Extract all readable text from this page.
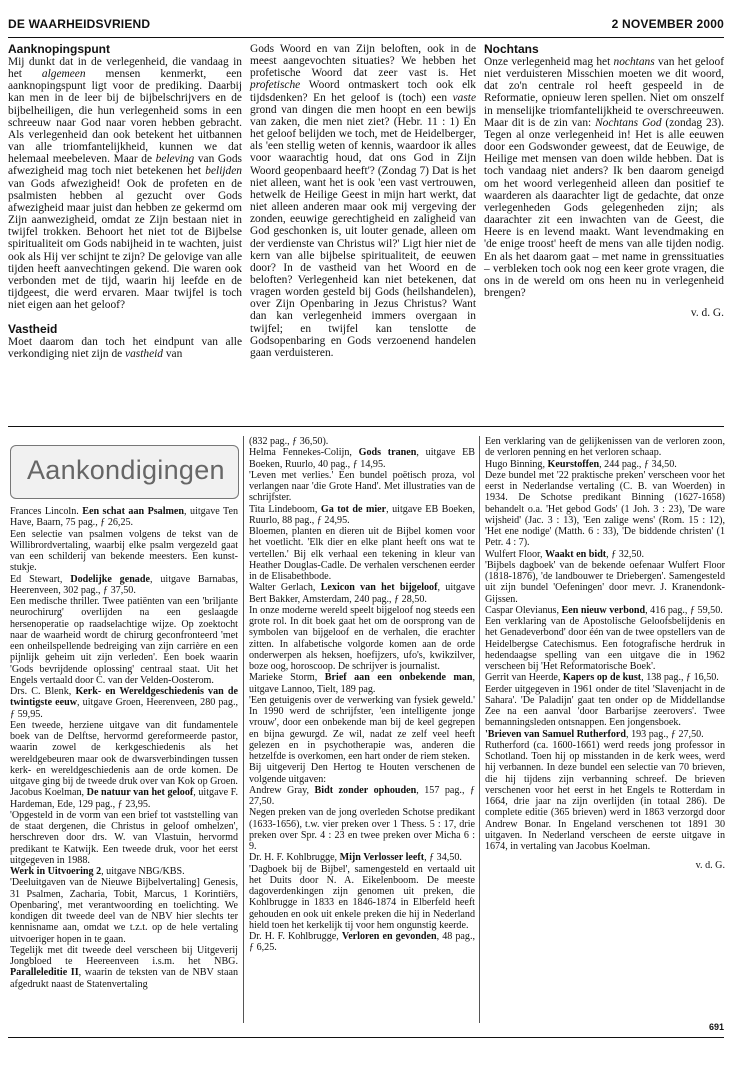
DE WAARHEIDSVRIEND	2 NOVEMBER 2000
Aanknopingspunt

Mij dunkt dat in de verlegenheid, die vandaag in het algemeen mensen kenmerkt, een aanknopingspunt ligt voor de prediking. Daarbij kan men in de leer bij de bijbelschrijvers en de bijbelheiligen, die hun verlegenheid soms in een schreeuw naar God naar voren hebben gebracht. Als verlegenheid dan ook betekent het uitbannen van alle triomfantelijkheid, kunnen we dat helemaal meebeleven. Maar de beleving van Gods afwezigheid mag toch niet betekenen het belijden van Gods afwezigheid! Ook de profeten en de psalmisten hebben al gezucht over Gods afwezigheid maar juist dan hebben ze gekermd om Zijn aanwezigheid, omdat ze Zijn bestaan niet in twijfel trokken. Behoort het niet tot de Bijbelse spiritualiteit om Gods nabijheid in te wachten, juist ook als Hij ver schijnt te zijn? De gelovige van alle tijden heeft aanvechtingen gekend. Die waren ook verbonden met de tijd, waarin hij leefde en de tijdgeest, die werd ervaren. Maar twijfel is toch niet eigen aan het geloof?

Vastheid

Moet daarom dan toch het eindpunt van alle verkondiging niet zijn de vastheid van

Gods Woord en van Zijn beloften, ook in de meest aangevochten situaties? We hebben het profetische Woord dat zeer vast is. Het profetische Woord ontmaskert toch ook elk tijdsdenken? En het geloof is (toch) een vaste grond van dingen die men hoopt en een bewijs van zaken, die men niet ziet? (Hebr. 11 : 1) En het geloof belijden we toch, met de Heidelberger, als 'een stellig weten of kennis, waardoor ik alles voor waarachtig houd, dat ons God in Zijn Woord geopenbaard heeft'? (Zondag 7) Dat is het niet alleen, want het is ook 'een vast vertrouwen, hetwelk de Heilige Geest in mijn hart werkt, dat niet alleen anderen maar ook mij vergeving der zonden, eeuwige gerechtigheid en zaligheid van God geschonken is, uit louter genade, alleen om der verdienste van Christus wil?' Ligt hier niet de kern van alle bijbelse spiritualiteit, de eeuwen door? In de vastheid van het Woord en de beloften? Verlegenheid kan niet betekenen, dat vragen worden gesteld bij Gods (heilshandelen), over Zijn Openbaring in Jezus Christus? Want dan kan verlegenheid immers overgaan in twijfel; en twijfel kan tenslotte de Godsopenbaring en Gods verzoenend handelen gaan verduisteren.

Nochtans

Onze verlegenheid mag het nochtans van het geloof niet verduisteren Misschien moeten we dit woord, dat zo'n centrale rol heeft gespeeld in de Reformatie, opnieuw leren spellen. Niet om onszelf in menselijke triomfantelijkheid te overschreeuwen. Maar dit is de zin van: Nochtans God (zondag 23). Tegen al onze verlegenheid in! Het is alle eeuwen door een Godswonder geweest, dat de Eeuwige, de Heilige met mensen van doen wilde hebben. Dat is toch vandaag niet anders? Ik ben daarom geneigd om het woord verlegenheid alleen dan positief te waarderen als daarachter ligt de gedachte, dat onze verlegenheden Gods gelegenheden zijn; als daarachter zit een inwachten van de Geest, die Heere is en levend maakt. Want levendmaking en 'de enige troost' heeft de mens van alle tijden nodig. En als het daarom gaat – met name in grenssituaties – verbleken toch ook nog een keer grote vragen, die ons in de wereld om ons heen nu in verlegenheid brengen?

v. d. G.

Aankondigingen

Frances Lincoln. Een schat aan Psalmen, uitgave Ten Have, Baarn, 75 pag., ƒ 26,25.

Een selectie van psalmen volgens de tekst van de Willibrordvertaling, waarbij elke psalm vergezeld gaat van een schilderij van bekende meesters. Een kunst-stukje.

Ed Stewart, Dodelijke genade, uitgave Barnabas, Heerenveen, 302 pag., ƒ 37,50.

Een medische thriller. Twee patiënten van een 'briljante neurochirurg' overlijden na een geslaagde hersenoperatie op raadselachtige wijze. Op zoektocht naar de waarheid wordt de chirurg geconfronteerd 'met een onheilspellende bedreiging van zijn carrière en een pijnlijk geheim uit zijn verleden'. Een boek waarin 'Gods bevrijdende oplossing' centraal staat. Uit het Engels vertaald door C. van der Velden-Oosterom.

Drs. C. Blenk, Kerk- en Wereldgeschiedenis van de twintigste eeuw, uitgave Groen, Heerenveen, 280 pag., ƒ 59,95.

Een tweede, herziene uitgave van dit fundamentele boek van de Delftse, hervormd gereformeerde pastor, waarin zowel de kerkgeschiedenis als het wereldgebeuren maar ook de dwarsverbindingen tussen kerk- en wereldgeschiedenis aan de orde komen. De uitgave ging bij de tweede druk over van Kok op Groen.

Jacobus Koelman, De natuur van het geloof, uitgave F. Hardeman, Ede, 129 pag., ƒ 23,95.

'Opgesteld in de vorm van een brief tot vaststelling van de staat dergenen, die Christus in geloof omhelzen', herschreven door drs. W. van Vlastuin, hervormd predikant te Katwijk. Een tweede druk, voor het eerst uitgegeven in 1988.

Werk in Uitvoering 2, uitgave NBG/KBS.

'Deeluitgaven van de Nieuwe Bijbelvertaling] Genesis, 31 Psalmen, Zacharia, Tobit, Marcus, 1 Korintiërs, Openbaring', met verantwoording en toelichting. We kondigen dit tweede deel van de NBV hier slechts ter kennisname aan, omdat we t.z.t. op de hele vertaling uitvoeriger hopen in te gaan.

Tegelijk met dit tweede deel verscheen bij Uitgeverij Jongbloed te Heereenveen i.s.m. het NBG. Paralleleditie II, waarin de teksten van de NBV staan afgedrukt naast de Statenvertaling

(832 pag., ƒ 36,50).

Helma Fennekes-Colijn, Gods tranen, uitgave EB Boeken, Ruurlo, 40 pag., ƒ 14,95.

'Leven met verlies.' Een bundel poëtisch proza, vol verlangen naar 'die Grote Hand'. Met illustraties van de schrijfster.

Tita Lindeboom, Ga tot de mier, uitgave EB Boeken, Ruurlo, 88 pag., ƒ 24,95.

Bloemen, planten en dieren uit de Bijbel komen voor het voetlicht. 'Elk dier en elke plant heeft ons wat te vertellen.' Bij elk verhaal een tekening in kleur van Heather Douglas-Cadle. De verhalen verschenen eerder in de Elisabethbode.

Walter Gerlach, Lexicon van het bijgeloof, uitgave Bert Bakker, Amsterdam, 240 pag., ƒ 28,50.

In onze moderne wereld speelt bijgeloof nog steeds een grote rol. In dit boek gaat het om de oorsprong van de symbolen van bijgeloof en de verhalen, die erachter zitten. In alfabetische volgorde komen aan de orde onderwerpen als heksen, hoefijzers, ufo's, kwikzilver, boze oog, horoscoop. De schrijver is journalist.

Marieke Storm, Brief aan een onbekende man, uitgave Lannoo, Tielt, 189 pag.

'Een getuigenis over de verwerking van fysiek geweld.' In 1990 werd de schrijfster, 'een intelligente jonge vrouw', door een onbekende man bij de keel gegrepen en bijna gewurgd. Ze wil, nadat ze zelf veel heeft gelezen en in psychotherapie was, anderen die hetzelfde is overkomen, een hart onder de riem steken.

Bij uitgeverij Den Hertog te Houten verschenen de volgende uitgaven:

Andrew Gray, Bidt zonder ophouden, 157 pag., ƒ 27,50.

Negen preken van de jong overleden Schotse predikant (1633-1656), t.w. vier preken over 1 Thess. 5 : 17, drie preken over Spr. 4 : 23 en twee preken over Micha 6 : 9.

Dr. H. F. Kohlbrugge, Mijn Verlosser leeft, ƒ 34,50.

'Dagboek bij de Bijbel', samengesteld en vertaald uit het Duits door N. A. Eikelenboom. De meeste dagoverdenkingen zijn genomen uit preken, die Kohlbrugge in 1833 en 1846-1874 in Elberfeld heeft gehouden en ook uit enkele preken die hij in Nederland hield toen het kerkelijk tij voor hem ongunstig keerde.

Dr. H. F. Kohlbrugge, Verloren en gevonden, 48 pag., ƒ 6,25.

Een verklaring van de gelijkenissen van de verloren zoon, de verloren penning en het verloren schaap.

Hugo Binning, Keurstoffen, 244 pag., ƒ 34,50.

Deze bundel met '22 praktische preken' verscheen voor het eerst in Nederlandse vertaling (C. B. van Woerden) in 1934. De Schotse predikant Binning (1627-1658) behandelt o.a. 'Het gebod Gods' (1 Joh. 3 : 23), 'De ware wijsheid' (Jac. 3 : 13), 'Een zalige wens' (Rom. 15 : 12), 'Het ene nodige' (Matth. 6 : 33), 'De biddende christen' (1 Petr. 4 : 7).

Wulfert Floor, Waakt en bidt, ƒ 32,50.

'Bijbels dagboek' van de bekende oefenaar Wulfert Floor (1818-1876), 'de landbouwer te Driebergen'. Samengesteld uit zijn bundel 'Oefeningen' door mevr. J. Kranendonk-Gijssen.

Caspar Olevianus, Een nieuw verbond, 416 pag., ƒ 59,50.

Een verklaring van de Apostolische Geloofsbelijdenis en het Genadeverbond' door één van de twee opstellers van de Heidelbergse Catechismus. Een fotografische herdruk in hedendaagse spelling van een uitgave die in 1962 verscheen bij 'Het Reformatorische Boek'.

Gerrit van Heerde, Kapers op de kust, 138 pag., ƒ 16,50.

Eerder uitgegeven in 1961 onder de titel 'Slavenjacht in de Sahara'. 'De Paladijn' gaat ten onder op de Middellandse Zee na een aanval 'door Barbarijse zeerovers'. Twee bemanningsleden ontsnappen. Een jongensboek.

'Brieven van Samuel Rutherford, 193 pag., ƒ 27,50.

Rutherford (ca. 1600-1661) werd reeds jong professor in Schotland. Toen hij op misstanden in de kerk wees, werd hij verbannen. In deze bundel een selectie van 70 brieven, die hij tijdens zijn verbanning schreef. De brieven verschenen voor het eerst in het Engels te Rotterdam in 1664, drie jaar na zijn overlijden (in totaal 286). De complete editie (365 brieven) werd in 1863 verzorgd door Andrew Bonar. In Engeland verschenen tot 1891 30 uitgaven. In Nederland verscheen de eerste uitgave in 1674, in vertaling van Jacobus Koelman.

v. d. G.

691
